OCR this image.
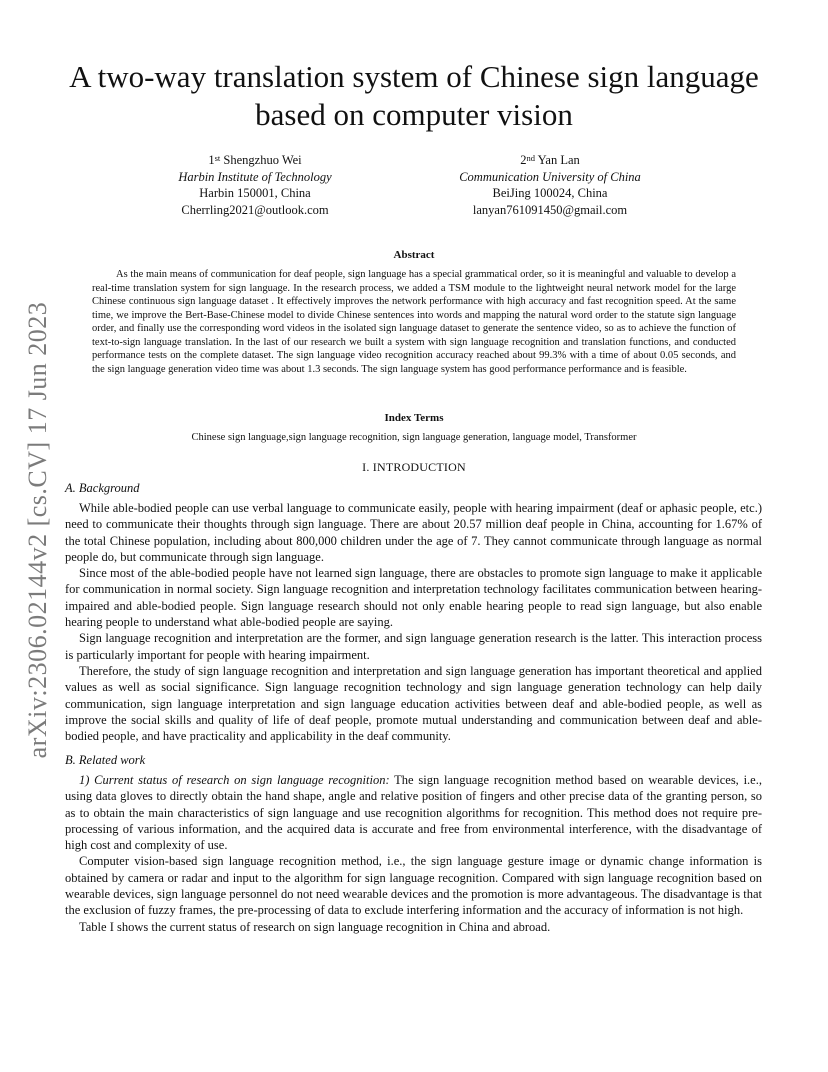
arXiv:2306.02144v2 [cs.CV] 17 Jun 2023
A two-way translation system of Chinese sign language based on computer vision
1st Shengzhuo Wei
Harbin Institute of Technology
Harbin 150001, China
Cherrling2021@outlook.com
2nd Yan Lan
Communication University of China
BeiJing 100024, China
lanyan761091450@gmail.com
Abstract

As the main means of communication for deaf people, sign language has a special grammatical order, so it is meaningful and valuable to develop a real-time translation system for sign language. In the research process, we added a TSM module to the lightweight neural network model for the large Chinese continuous sign language dataset . It effectively improves the network performance with high accuracy and fast recognition speed. At the same time, we improve the Bert-Base-Chinese model to divide Chinese sentences into words and mapping the natural word order to the statute sign language order, and finally use the corresponding word videos in the isolated sign language dataset to generate the sentence video, so as to achieve the function of text-to-sign language translation. In the last of our research we built a system with sign language recognition and translation functions, and conducted performance tests on the complete dataset. The sign language video recognition accuracy reached about 99.3% with a time of about 0.05 seconds, and the sign language generation video time was about 1.3 seconds. The sign language system has good performance performance and is feasible.

Index Terms
Chinese sign language,sign language recognition, sign language generation, language model, Transformer
I. INTRODUCTION
A. Background

While able-bodied people can use verbal language to communicate easily, people with hearing impairment (deaf or aphasic people, etc.) need to communicate their thoughts through sign language. There are about 20.57 million deaf people in China, accounting for 1.67% of the total Chinese population, including about 800,000 children under the age of 7. They cannot communicate through language as normal people do, but communicate through sign language.

Since most of the able-bodied people have not learned sign language, there are obstacles to promote sign language to make it applicable for communication in normal society. Sign language recognition and interpretation technology facilitates communication between hearing-impaired and able-bodied people. Sign language research should not only enable hearing people to read sign language, but also enable hearing people to understand what able-bodied people are saying.

Sign language recognition and interpretation are the former, and sign language generation research is the latter. This interaction process is particularly important for people with hearing impairment.

Therefore, the study of sign language recognition and interpretation and sign language generation has important theoretical and applied values as well as social significance. Sign language recognition technology and sign language generation technology can help daily communication, sign language interpretation and sign language education activities between deaf and able-bodied people, as well as improve the social skills and quality of life of deaf people, promote mutual understanding and communication between deaf and able-bodied people, and have practicality and applicability in the deaf community.

B. Related work

1) Current status of research on sign language recognition: The sign language recognition method based on wearable devices, i.e., using data gloves to directly obtain the hand shape, angle and relative position of fingers and other precise data of the granting person, so as to obtain the main characteristics of sign language and use recognition algorithms for recognition. This method does not require pre-processing of various information, and the acquired data is accurate and free from environmental interference, with the disadvantage of high cost and complexity of use.

Computer vision-based sign language recognition method, i.e., the sign language gesture image or dynamic change information is obtained by camera or radar and input to the algorithm for sign language recognition. Compared with sign language recognition based on wearable devices, sign language personnel do not need wearable devices and the promotion is more advantageous. The disadvantage is that the exclusion of fuzzy frames, the pre-processing of data to exclude interfering information and the accuracy of information is not high.

Table I shows the current status of research on sign language recognition in China and abroad.
